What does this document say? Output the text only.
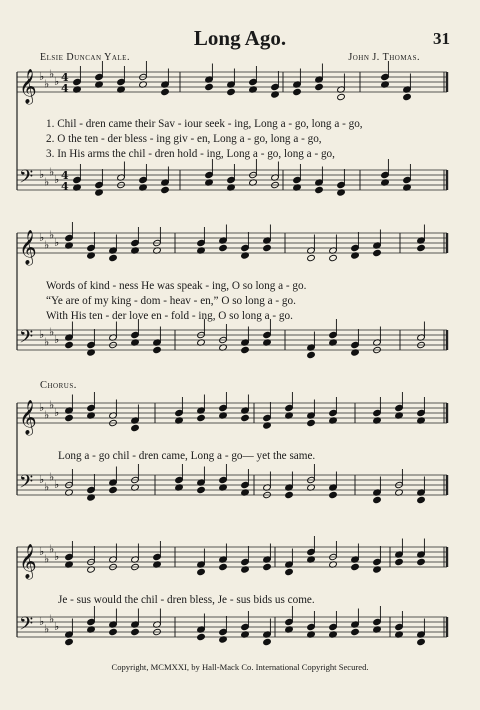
Long Ago.	31
Elsie Duncan Yale.	John J. Thomas.
𝄞 ♭
♭
♭
♭ 4
4
𝄢 ♭
♭
♭
♭ 4
4
𝄞 ♭
♭
♭
♭
𝄢 ♭
♭
♭
♭
𝄞 ♭
♭
♭
♭
𝄢 ♭
♭
♭
♭
𝄞 ♭
♭
♭
♭
𝄢 ♭
♭
♭
♭
1. Chil - dren came their Sav - iour seek - ing, Long a - go, long a - go,
2. O the ten - der bless - ing giv - en, Long a - go, long a - go,
3. In His arms the chil - dren hold - ing, Long a - go, long a - go,
Words of kind - ness He was speak - ing, O so long a - go.
“Ye are of my king - dom - heav - en,” O so long a - go.
With His ten - der love en - fold - ing, O so long a - go.
Chorus.
Long a - go chil - dren came, Long a - go— yet the same.
Je - sus would the chil - dren bless, Je - sus bids us come.
Copyright, MCMXXI, by Hall-Mack Co. International Copyright Secured.
